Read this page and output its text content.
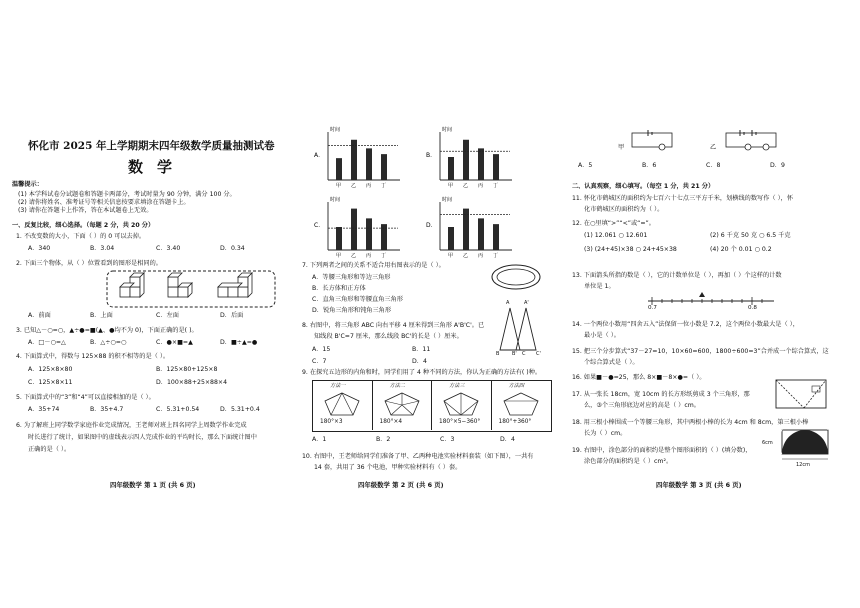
怀化市 2025 年上学期期末四年级数学质量抽测试卷
数学
温馨提示：
(1) 本学科试卷分试题卷和答题卡两部分，考试时量为 90 分钟，满分 100 分。
(2) 请你将姓名、准考证号等相关信息按要求填涂在答题卡上。
(3) 请你在答题卡上作答，答在本试题卷上无效。
一、反复比较，细心选择。（每题 2 分，共 20 分）
1. 不改变数的大小，下面（ ）的 0 可以去掉。
A．340	B．3.04	C．3.40	D．0.34
2. 下面三个物体，从（ ）位置看到的图形是相同的。
A．前面	B．上面	C．左面	D．后面
3. 已知△－○=○，▲÷●=■(▲、●均不为 0)，下面正确的是( )。
A．□－○=△	B．△÷○=○	C．●×■=▲	D．■÷▲=●
4. 下面算式中，得数与 125×88 的积不相等的是（ ）。
A．125×8×80	B．125×80+125×8
C．125×8×11	D．100×88+25×88×4
5. 下面算式中的“3”和“4”可以直接相加的是（ ）。
A．35+74	B．35+4.7	C．5.31+0.54	D．5.31+0.4
6. 为了解班上同学数学家庭作业完成情况，王老师对班上四名同学上周数学作业完成
时长进行了统计，如果图中的虚线表示四人完成作业的平均时长，那么下面统计图中
正确的是（ ）。
四年级数学 第 1 页 (共 6 页)
时间
A．
甲 乙 丙 丁
时间
B．
甲 乙 丙 丁
时间
C．
甲 乙 丙 丁
时间
D．
甲 乙 丙 丁
7. 下列两者之间的关系不适合用右图表示的是（ ）。
A．等腰三角形和等边三角形
B．长方体和正方体
C．直角三角形和等腰直角三角形
D．锐角三角形和钝角三角形
8. 右图中，将三角形 ABC 向右平移 4 厘米得到三角形 A'B'C'。已
知线段 B'C=7 厘米，那么线段 BC'的长是（ ）厘米。
A．15	B．11
C．7	D．4
A	A'
B	B' C C'
9. 在探究五边形的内角和时，同学们用了 4 种不同的方法，你认为正确的方法有( )种。
方法一
180°×3
方法二
180°×4
方法三
180°×5−360°
方法四
180°+360°
A．1	B．2	C．3	D．4
10. 右图中，王老师给同学们准备了甲、乙两种电池实验材料套装（如下图），一共有
14 套，共用了 36 个电池，甲种实验材料有（ ）套。
四年级数学 第 2 页 (共 6 页)
甲	乙
A．5	B．6	C．8	D．9
二、认真观察，细心填写。（每空 1 分，共 21 分）
11. 怀化市鹤城区的面积约为七百六十七点三平方千米，划横线的数写作（ ），怀
化市鹤城区的面积约为（ ）。
12. 在○里填“>”“<”或“=”。
(1) 12.061 ○ 12.601	(2) 6 千克 50 克 ○ 6.5 千克
(3) (24+45)×38 ○ 24+45×38	(4) 20 个 0.01 ○ 0.2
13. 下面箭头所指的数是（ ），它的计数单位是（ ），再加（ ）个这样的计数
单位是 1。
0.7	0.8
14. 一个两位小数用“四舍五入”法保留一位小数是 7.2，这个两位小数最大是（ ），
最小是（ ）。
15. 把三个分步算式“37－27=10，10×60=600，1800÷600=3”合并成一个综合算式，这
个综合算式是（ ）。
16. 如果■－●=25，那么 8×■－8×●=（ ）。
17. 从一张长 18cm，宽 10cm 的长方形纸剪成 3 个三角形，那
么，③个三角形底边对应的高是（ ）cm。
18. 用三根小棒围成一个等腰三角形，其中两根小棒的长为 4cm 和 8cm，第三根小棒
长为（ ）cm。
19. 右图中，涂色部分的面积约是整个图形面积的（ ）(填分数)，
涂色部分的面积约是（ ）cm²。
6cm
12cm
四年级数学 第 3 页 (共 6 页)
